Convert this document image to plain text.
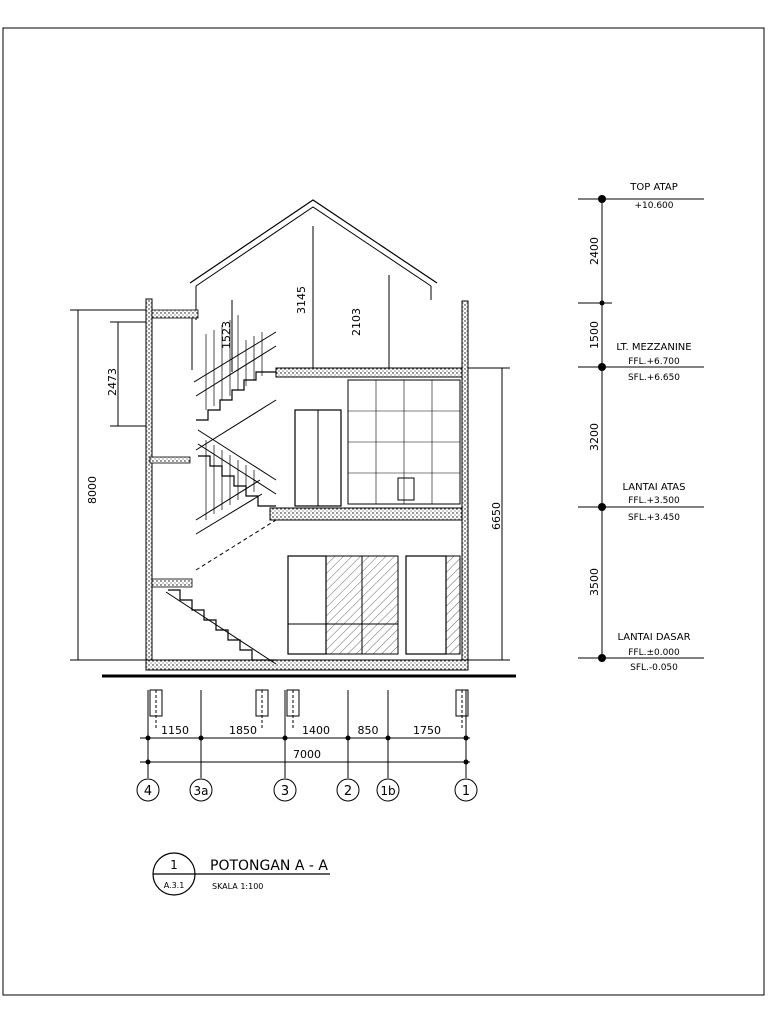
8000
2473
1523
3145
2103
6650
TOP ATAP
+10.600
LT. MEZZANINE
FFL.+6.700
SFL.+6.650
LANTAI ATAS
FFL.+3.500
SFL.+3.450
LANTAI DASAR
FFL.±0.000
SFL.-0.050
2400
1500
3200
3500
1150	1850	1400	850	1750
7000
4	3a	3	2 1b	1
1
A.3.1
POTONGAN A - A
SKALA 1:100
